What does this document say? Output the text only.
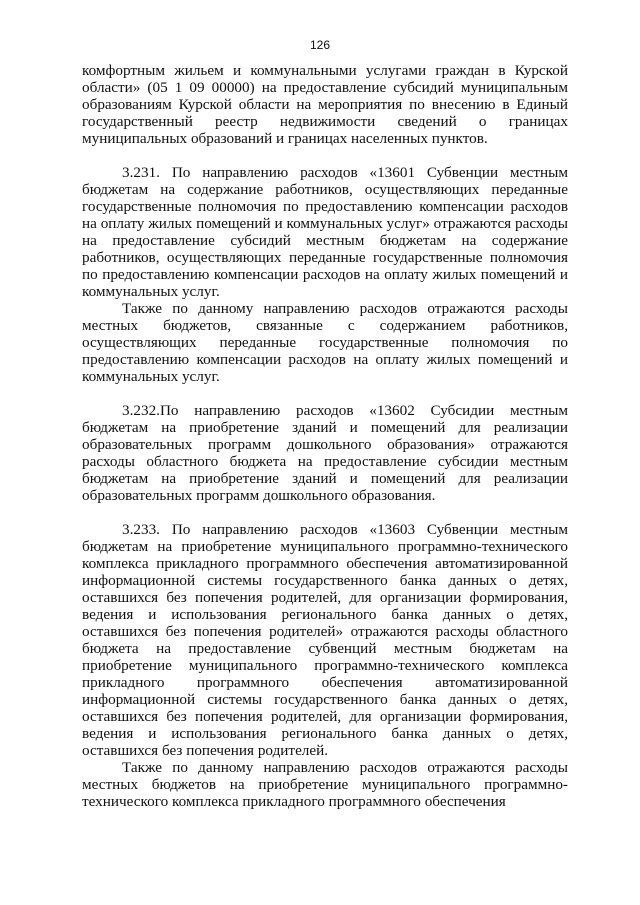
126

комфортным жильем и коммунальными услугами граждан в Курской области» (05 1 09 00000) на предоставление субсидий муниципальным образованиям Курской области на мероприятия по внесению в Единый государственный реестр недвижимости сведений о границах муниципальных образований и границах населенных пунктов.

3.231. По направлению расходов «13601 Субвенции местным бюджетам на содержание работников, осуществляющих переданные государственные полномочия по предоставлению компенсации расходов на оплату жилых помещений и коммунальных услуг» отражаются расходы на предоставление субсидий местным бюджетам на содержание работников, осуществляющих переданные государственные полномочия по предоставлению компенсации расходов на оплату жилых помещений и коммунальных услуг.

Также по данному направлению расходов отражаются расходы местных бюджетов, связанные с содержанием работников, осуществляющих переданные государственные полномочия по предоставлению компенсации расходов на оплату жилых помещений и коммунальных услуг.

3.232.По направлению расходов «13602 Субсидии местным бюджетам на приобретение зданий и помещений для реализации образовательных программ дошкольного образования» отражаются расходы областного бюджета на предоставление субсидии местным бюджетам на приобретение зданий и помещений для реализации образовательных программ дошкольного образования.

3.233. По направлению расходов «13603 Субвенции местным бюджетам на приобретение муниципального программно-технического комплекса прикладного программного обеспечения автоматизированной информационной системы государственного банка данных о детях, оставшихся без попечения родителей, для организации формирования, ведения и использования регионального банка данных о детях, оставшихся без попечения родителей» отражаются расходы областного бюджета на предоставление субвенций местным бюджетам на приобретение муниципального программно-технического комплекса прикладного программного обеспечения автоматизированной информационной системы государственного банка данных о детях, оставшихся без попечения родителей, для организации формирования, ведения и использования регионального банка данных о детях, оставшихся без попечения родителей.

Также по данному направлению расходов отражаются расходы местных бюджетов на приобретение муниципального программно-технического комплекса прикладного программного обеспечения
